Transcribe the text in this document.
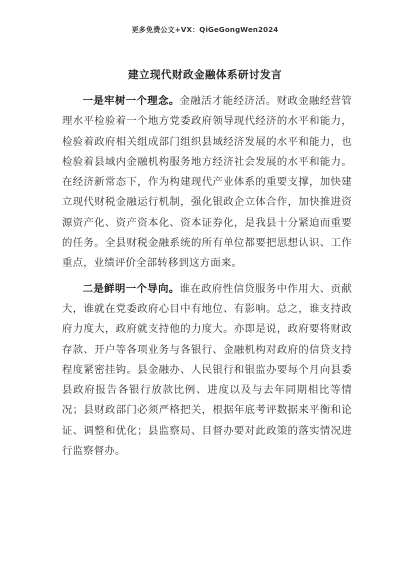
更多免费公文+VX：QiGeGongWen2024
建立现代财政金融体系研讨发言

一是牢树一个理念。金融活才能经济活。财政金融经营管理水平检验着一个地方党委政府领导现代经济的水平和能力，检验着政府相关组成部门组织县域经济发展的水平和能力，也检验着县域内金融机构服务地方经济社会发展的水平和能力。在经济新常态下，作为构建现代产业体系的重要支撑，加快建立现代财税金融运行机制，强化银政企立体合作，加快推进资源资产化、资产资本化、资本证券化，是我县十分紧迫而重要的任务。全县财税金融系统的所有单位都要把思想认识、工作重点，业绩评价全部转移到这方面来。

二是鲜明一个导向。谁在政府性信贷服务中作用大、贡献大，谁就在党委政府心目中有地位、有影响。总之，谁支持政府力度大，政府就支持他的力度大。亦即是说，政府要将财政存款、开户等各项业务与各银行、金融机构对政府的信贷支持程度紧密挂钩。县金融办、人民银行和银监办要每个月向县委县政府报告各银行放款比例、进度以及与去年同期相比等情况；县财政部门必须严格把关，根据年底考评数据来平衡和论证、调整和优化；县监察局、目督办要对此政策的落实情况进行监察督办。
